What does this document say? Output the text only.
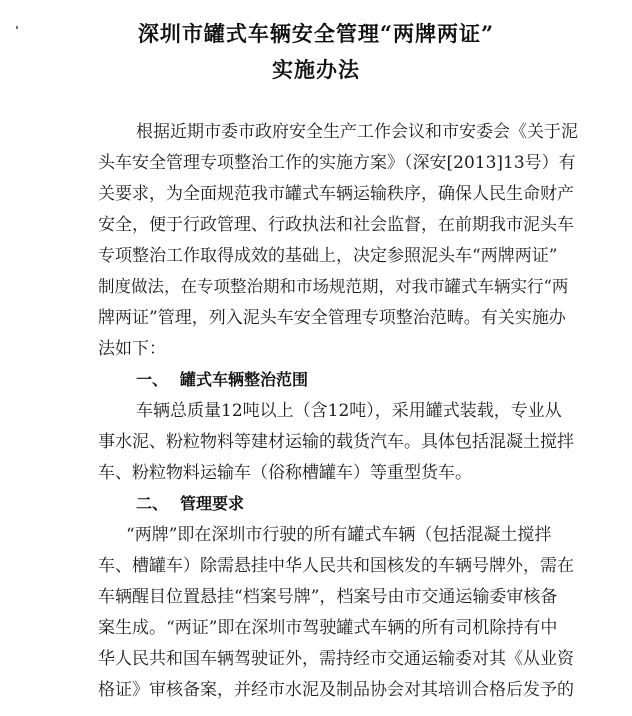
深圳市罐式车辆安全管理“两牌两证”
实施办法
根据近期市委市政府安全生产工作会议和市安委会《关于泥
头车安全管理专项整治工作的实施方案》（深安[2013]13号）有
关要求，为全面规范我市罐式车辆运输秩序，确保人民生命财产
安全，便于行政管理、行政执法和社会监督，在前期我市泥头车
专项整治工作取得成效的基础上，决定参照泥头车“两牌两证”
制度做法，在专项整治期和市场规范期，对我市罐式车辆实行“两
牌两证”管理，列入泥头车安全管理专项整治范畴。有关实施办
法如下：
一、 罐式车辆整治范围
车辆总质量12吨以上（含12吨），采用罐式装载，专业从
事水泥、粉粒物料等建材运输的载货汽车。具体包括混凝土搅拌
车、粉粒物料运输车（俗称槽罐车）等重型货车。
二、 管理要求
“两牌”即在深圳市行驶的所有罐式车辆（包括混凝土搅拌
车、槽罐车）除需悬挂中华人民共和国核发的车辆号牌外，需在
车辆醒目位置悬挂“档案号牌”，档案号由市交通运输委审核备
案生成。“两证”即在深圳市驾驶罐式车辆的所有司机除持有中
华人民共和国车辆驾驶证外，需持经市交通运输委对其《从业资
格证》审核备案，并经市水泥及制品协会对其培训合格后发予的
